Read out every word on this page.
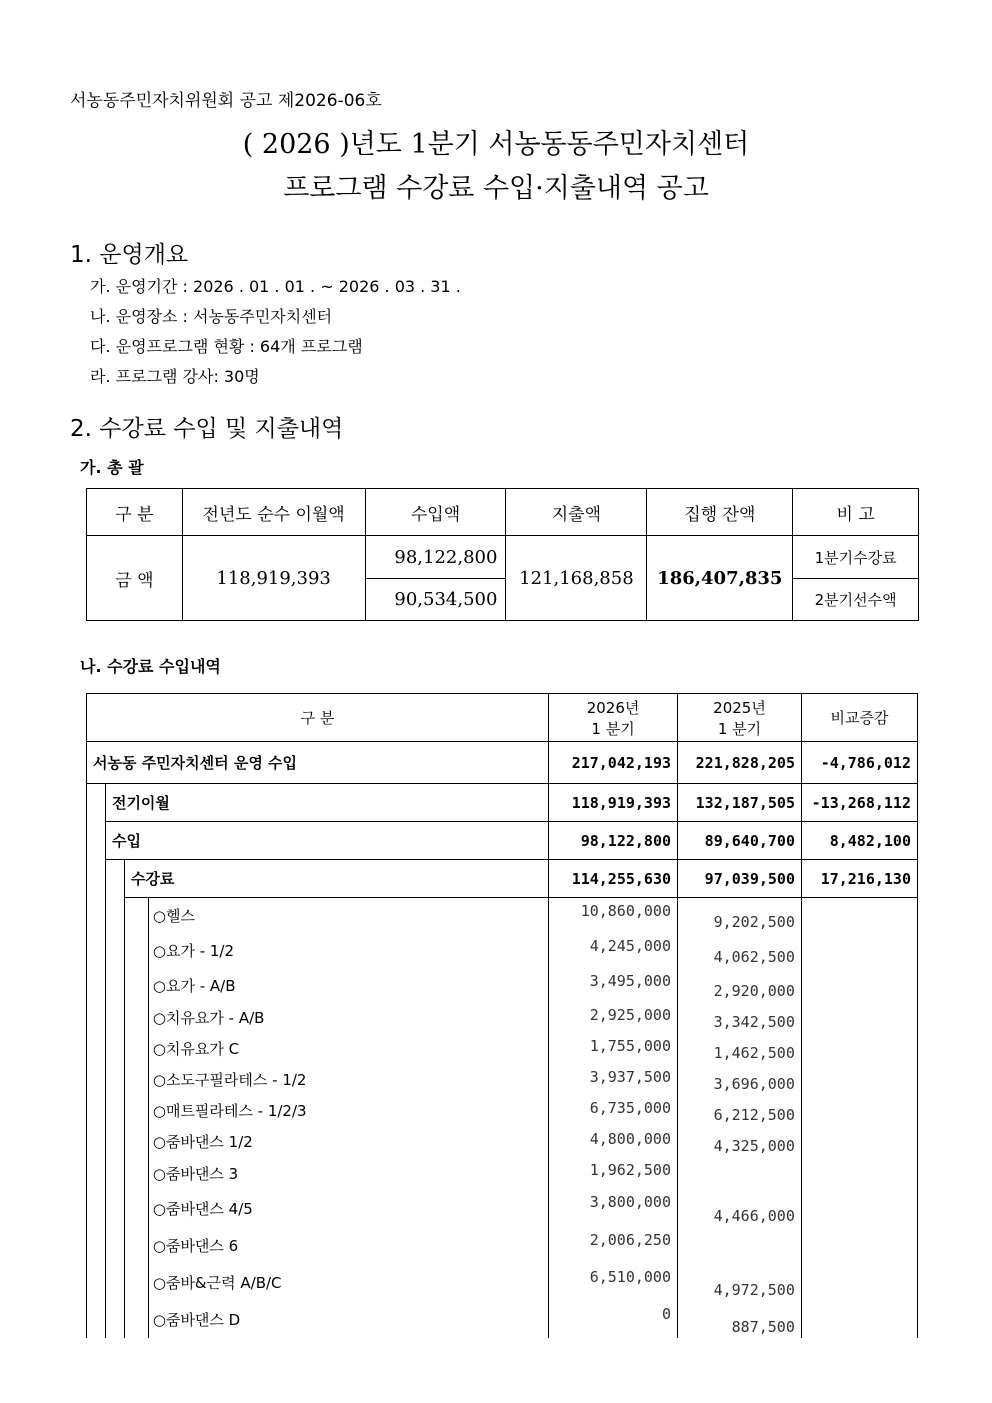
서농동주민자치위원회 공고 제2026-06호
( 2026 )년도 1분기 서농동동주민자치센터
프로그램 수강료 수입·지출내역 공고
1. 운영개요
가. 운영기간 : 2026 . 01 . 01 . ~ 2026 . 03 . 31 .
나. 운영장소 : 서농동주민자치센터
다. 운영프로그램 현황 : 64개 프로그램
라. 프로그램 강사: 30명
2. 수강료 수입 및 지출내역
가. 총 괄
구 분	전년도 순수 이월액	수입액	지출액	집행 잔액	비 고
금 액	118,919,393	98,122,800	121,168,858	186,407,835	1분기수강료
		90,534,500			2분기선수액
나. 수강료 수입내역
구 분	
2026년
1 분기

2025년
1 분기
	비교증감
서농동 주민자치센터 운영 수입	217,042,193	221,828,205	-4,786,012
	전기이월	118,919,393	132,187,505	-13,268,112
수입	98,122,800	89,640,700	8,482,100
	수강료	114,255,630	97,039,500	17,216,130

○헬스	10,860,000	9,202,500	
○요가 - 1/2	4,245,000	4,062,500	
○요가 - A/B	3,495,000	2,920,000	
○치유요가 - A/B	2,925,000	3,342,500	
○치유요가 C	1,755,000	1,462,500	
○소도구필라테스 - 1/2	3,937,500	3,696,000	
○매트필라테스 - 1/2/3	6,735,000	6,212,500	
○줌바댄스 1/2	4,800,000	4,325,000	
○줌바댄스 3	1,962,500		
○줌바댄스 4/5	3,800,000	4,466,000	
○줌바댄스 6	2,006,250		
○줌바&근력 A/B/C	6,510,000	4,972,500	
○줌바댄스 D	0	887,500	
